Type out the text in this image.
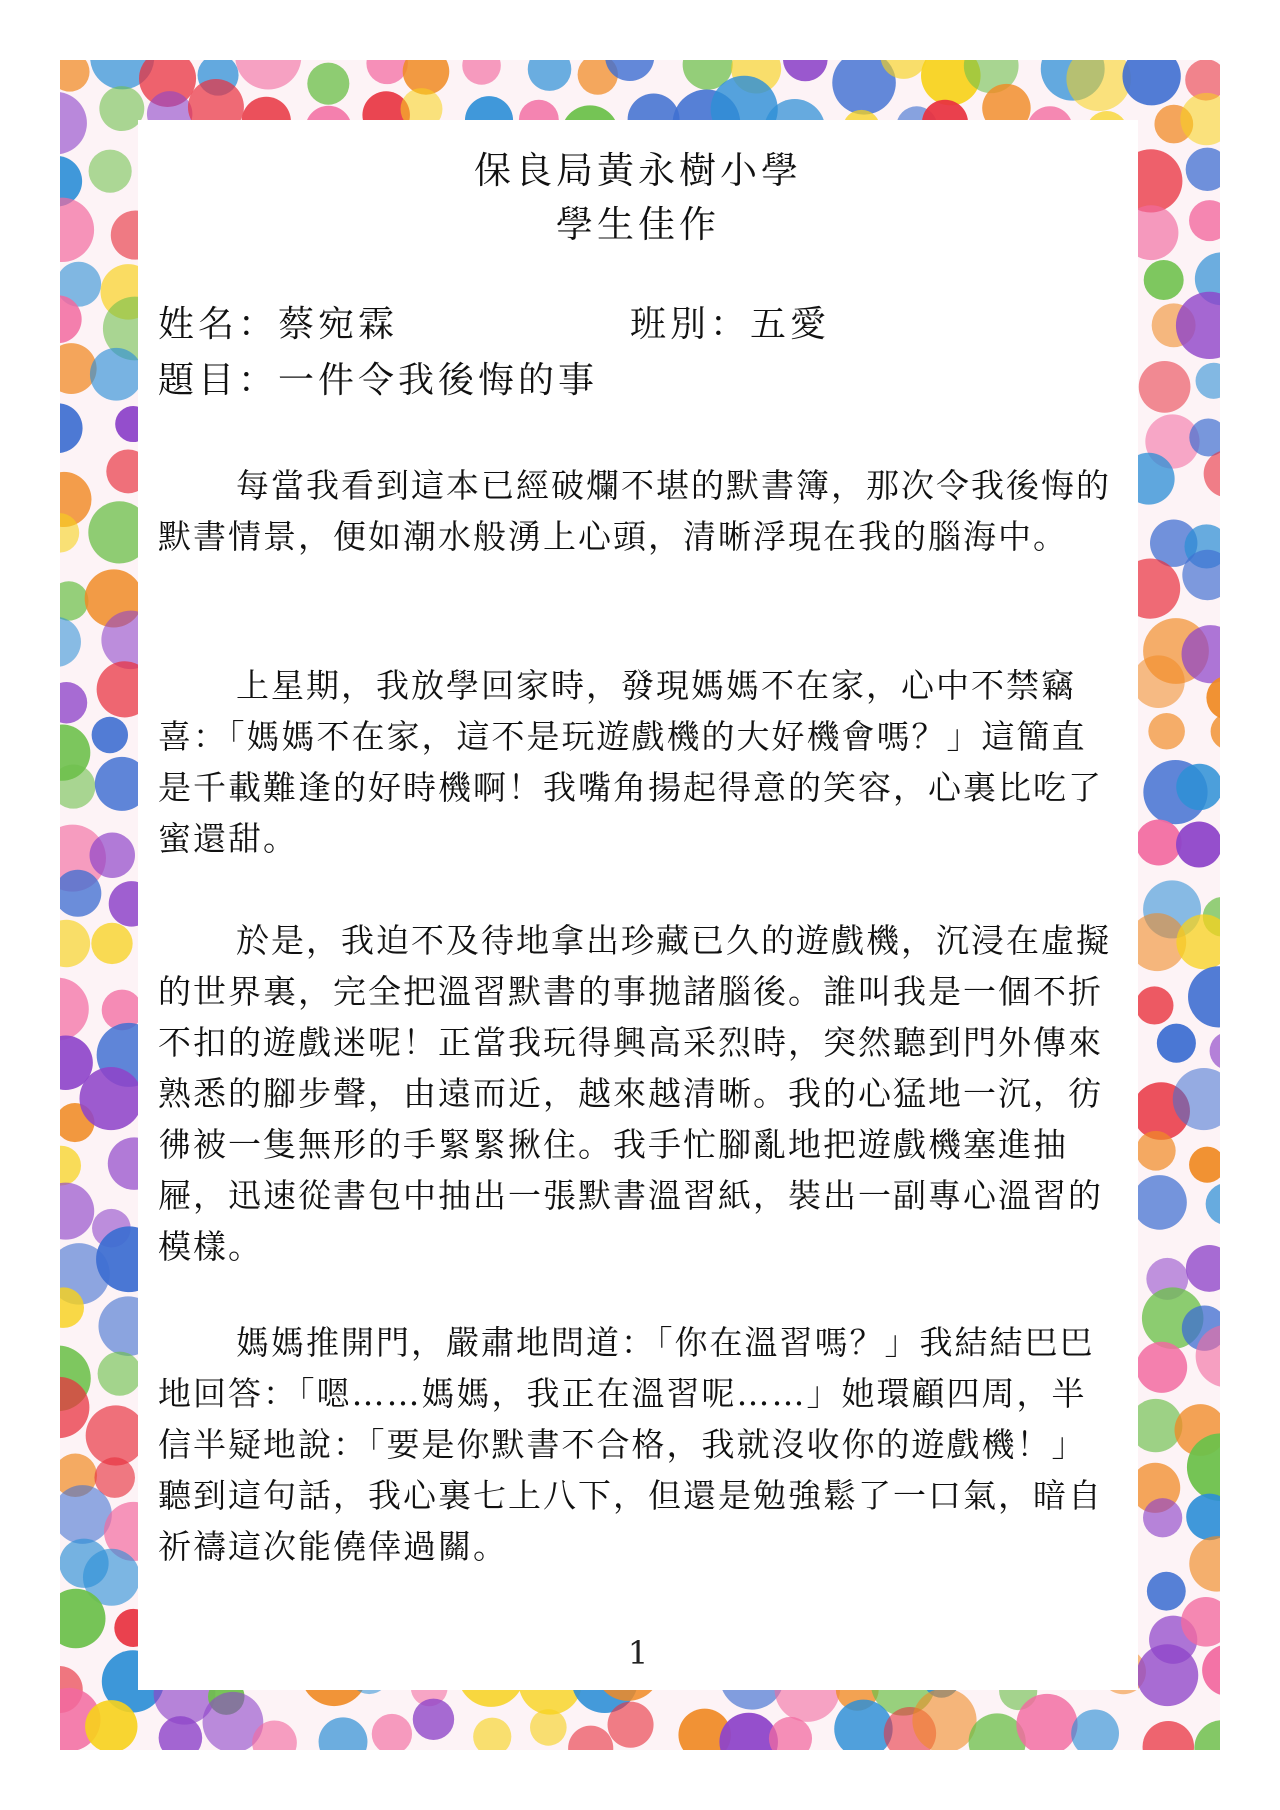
保良局黃永樹小學
學生佳作
姓名：蔡宛霖	班別：五愛
題目：一件令我後悔的事

每當我看到這本已經破爛不堪的默書簿，那次令我後悔的默書情景，便如潮水般湧上心頭，清晰浮現在我的腦海中。

上星期，我放學回家時，發現媽媽不在家，心中不禁竊喜：「媽媽不在家，這不是玩遊戲機的大好機會嗎？」這簡直是千載難逢的好時機啊！我嘴角揚起得意的笑容，心裏比吃了蜜還甜。

於是，我迫不及待地拿出珍藏已久的遊戲機，沉浸在虛擬的世界裏，完全把溫習默書的事拋諸腦後。誰叫我是一個不折不扣的遊戲迷呢！正當我玩得興高采烈時，突然聽到門外傳來熟悉的腳步聲，由遠而近，越來越清晰。我的心猛地一沉，彷彿被一隻無形的手緊緊揪住。我手忙腳亂地把遊戲機塞進抽屜，迅速從書包中抽出一張默書溫習紙，裝出一副專心溫習的模樣。

媽媽推開門，嚴肅地問道：「你在溫習嗎？」我結結巴巴地回答：「嗯……媽媽，我正在溫習呢……」她環顧四周，半信半疑地說：「要是你默書不合格，我就沒收你的遊戲機！」聽到這句話，我心裏七上八下，但還是勉強鬆了一口氣，暗自祈禱這次能僥倖過關。

1
